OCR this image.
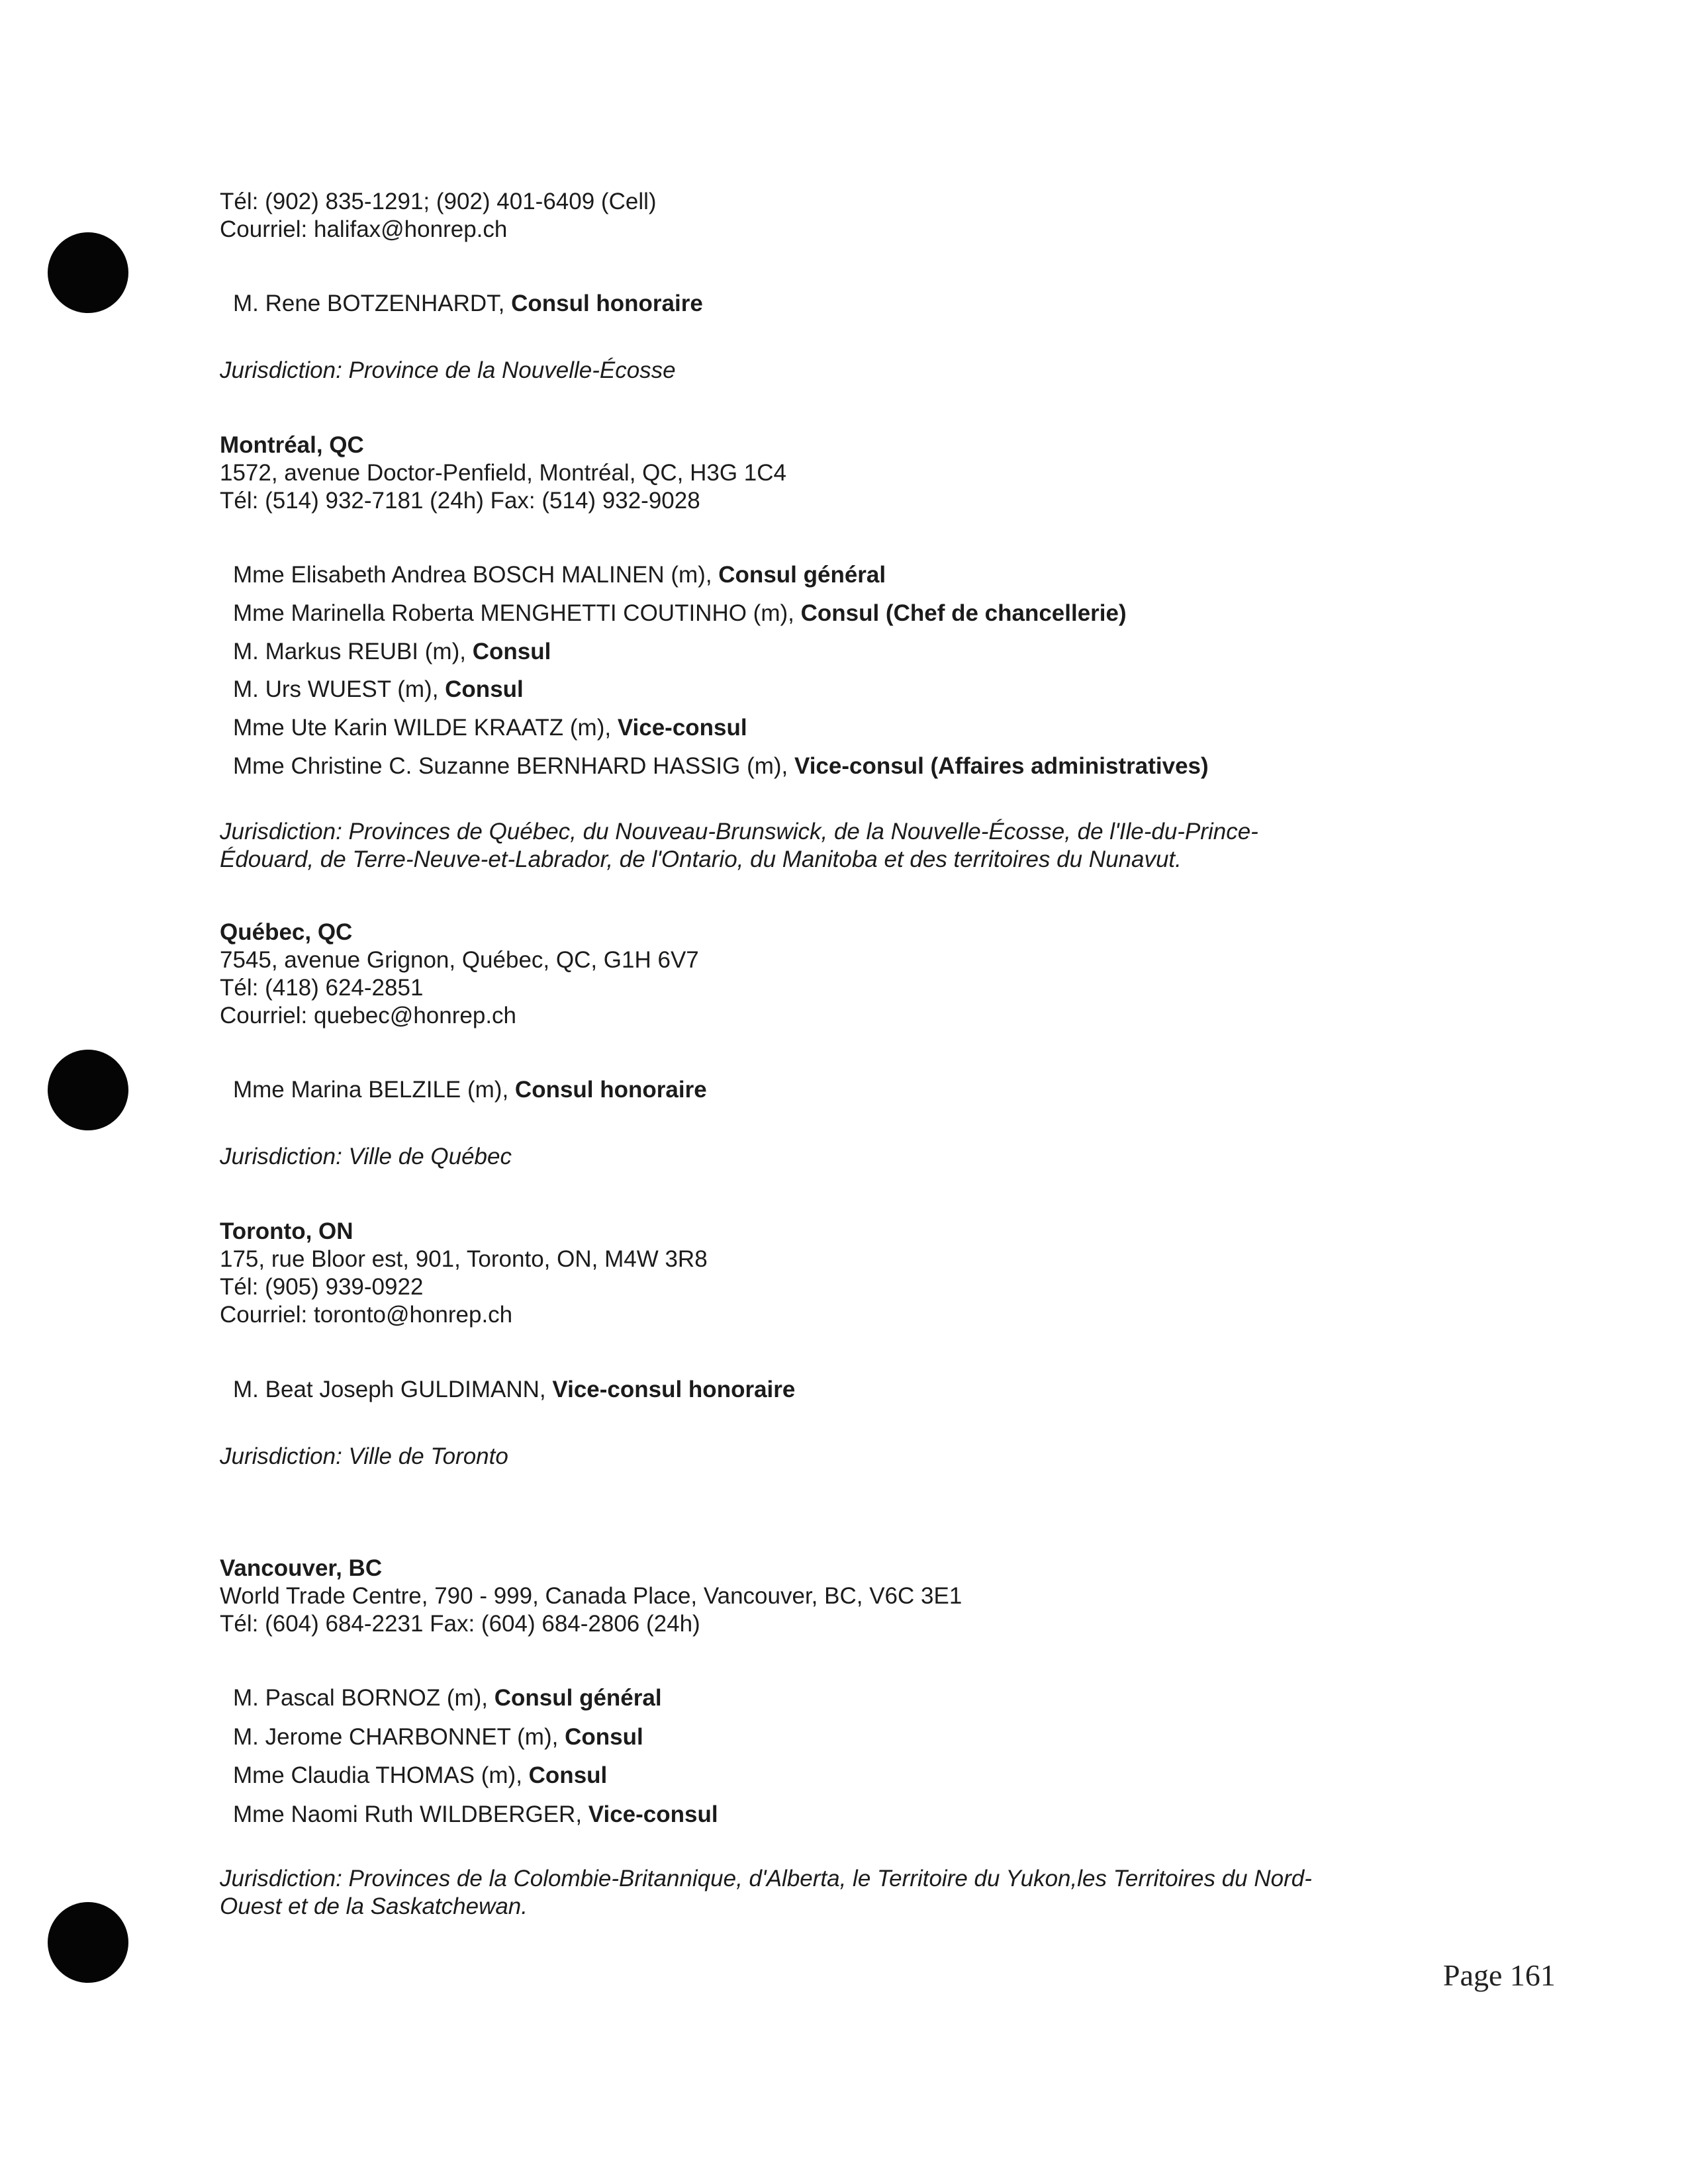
Tél: (902) 835-1291; (902) 401-6409 (Cell)
Courriel: halifax@honrep.ch
M. Rene BOTZENHARDT, Consul honoraire
Jurisdiction: Province de la Nouvelle-Écosse
Montréal, QC
1572, avenue Doctor-Penfield, Montréal, QC, H3G 1C4
Tél: (514) 932-7181 (24h) Fax: (514) 932-9028
Mme Elisabeth Andrea BOSCH MALINEN (m), Consul général
Mme Marinella Roberta MENGHETTI COUTINHO (m), Consul (Chef de chancellerie)
M. Markus REUBI (m), Consul
M. Urs WUEST (m), Consul
Mme Ute Karin WILDE KRAATZ (m), Vice-consul
Mme Christine C. Suzanne BERNHARD HASSIG (m), Vice-consul (Affaires administratives)
Jurisdiction: Provinces de Québec, du Nouveau-Brunswick, de la Nouvelle-Écosse, de l'Ile-du-Prince-
Édouard, de Terre-Neuve-et-Labrador, de l'Ontario, du Manitoba et des territoires du Nunavut.
Québec, QC
7545, avenue Grignon, Québec, QC, G1H 6V7
Tél: (418) 624-2851
Courriel: quebec@honrep.ch
Mme Marina BELZILE (m), Consul honoraire
Jurisdiction: Ville de Québec
Toronto, ON
175, rue Bloor est, 901, Toronto, ON, M4W 3R8
Tél: (905) 939-0922
Courriel: toronto@honrep.ch
M. Beat Joseph GULDIMANN, Vice-consul honoraire
Jurisdiction: Ville de Toronto
Vancouver, BC
World Trade Centre, 790 - 999, Canada Place, Vancouver, BC, V6C 3E1
Tél: (604) 684-2231 Fax: (604) 684-2806 (24h)
M. Pascal BORNOZ (m), Consul général
M. Jerome CHARBONNET (m), Consul
Mme Claudia THOMAS (m), Consul
Mme Naomi Ruth WILDBERGER, Vice-consul
Jurisdiction: Provinces de la Colombie-Britannique, d'Alberta, le Territoire du Yukon,les Territoires du Nord-
Ouest et de la Saskatchewan.
Page 161
